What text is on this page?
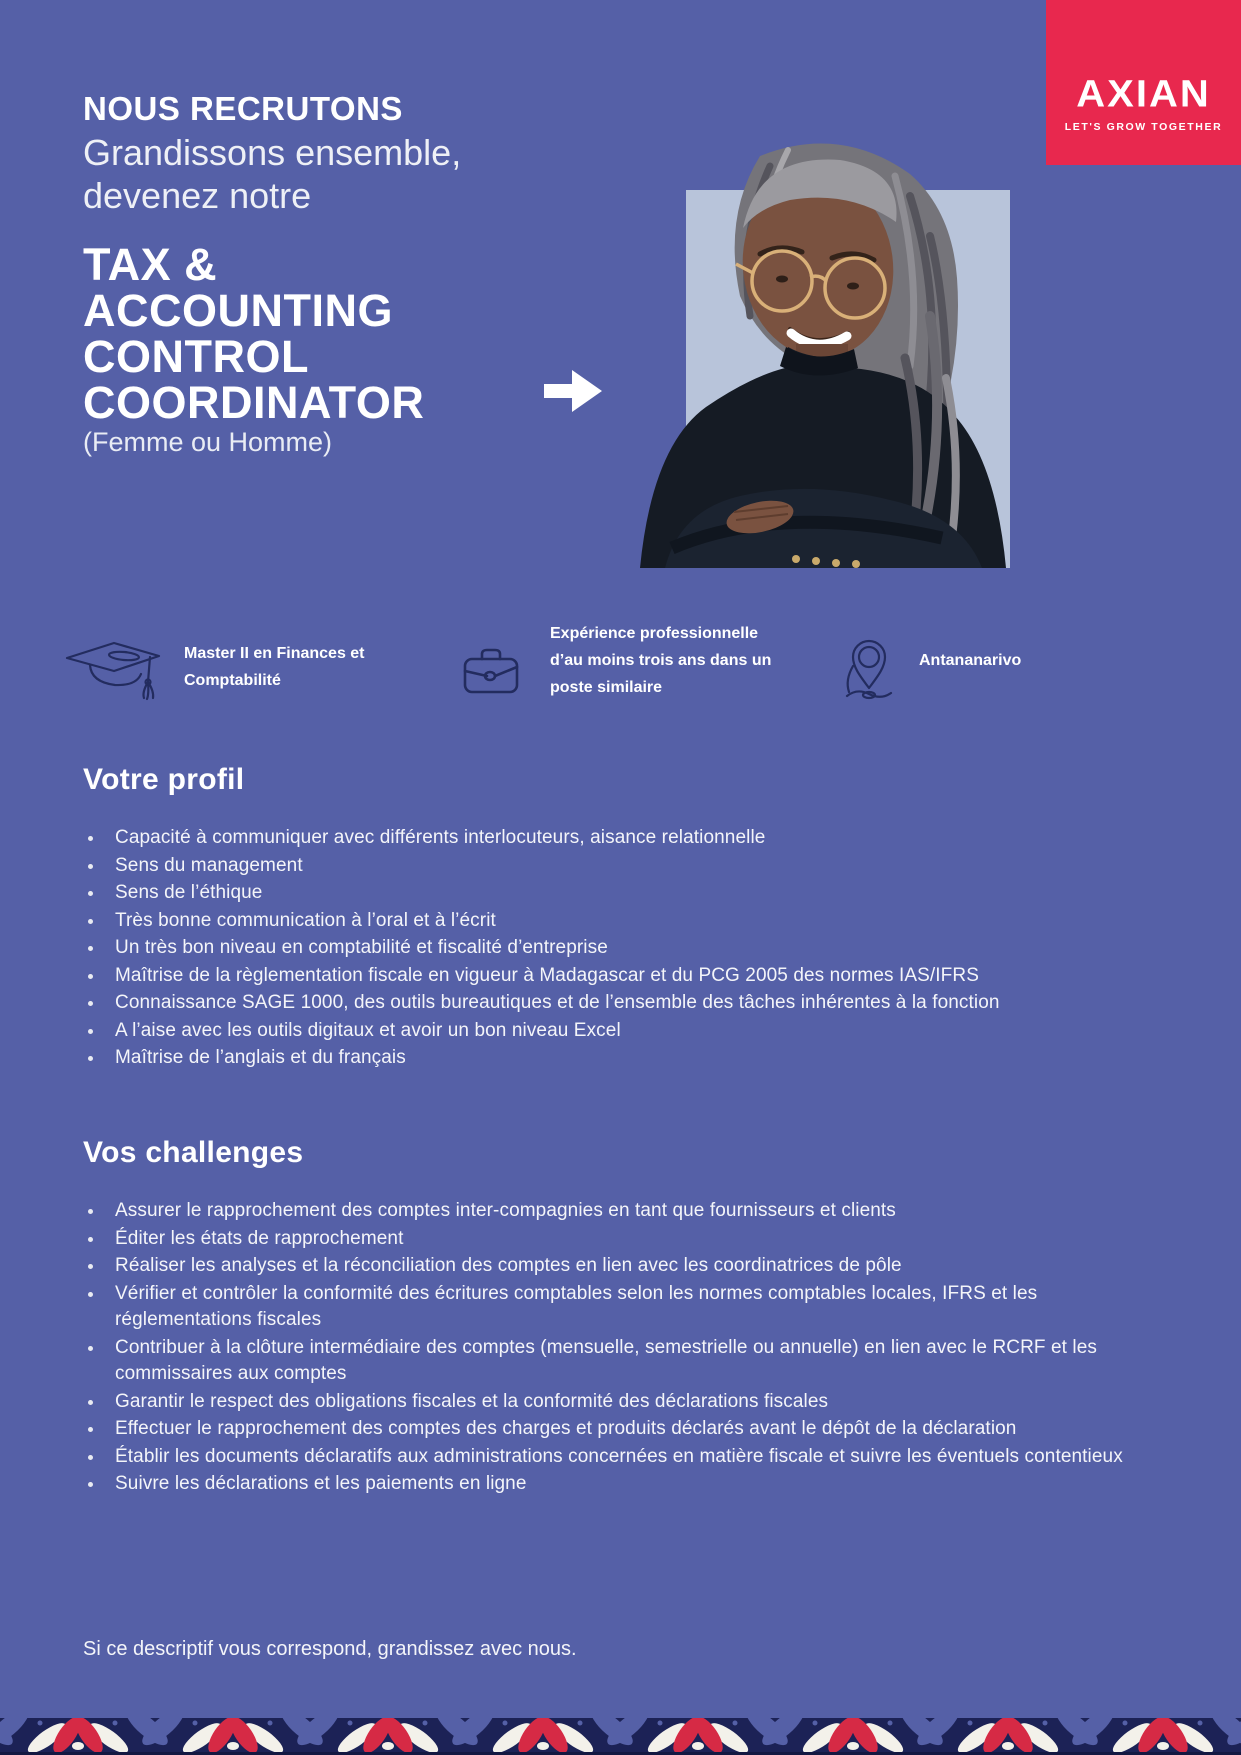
AXIAN
LET'S GROW TOGETHER
NOUS RECRUTONS
Grandissons ensemble,
devenez notre
TAX &
ACCOUNTING
CONTROL
COORDINATOR
(Femme ou Homme)
Master II en Finances et Comptabilité
Expérience professionnelle d’au moins trois ans dans un poste similaire
Antananarivo
Votre profil
Capacité à communiquer avec différents interlocuteurs, aisance relationnelle
Sens du management
Sens de l’éthique
Très bonne communication à l’oral et à l’écrit
Un très bon niveau en comptabilité et fiscalité d’entreprise
Maîtrise de la règlementation fiscale en vigueur à Madagascar et du PCG 2005 des normes IAS/IFRS
Connaissance SAGE 1000, des outils bureautiques et de l’ensemble des tâches inhérentes à la fonction
A l’aise avec les outils digitaux et avoir un bon niveau Excel
Maîtrise de l’anglais et du français
Vos challenges
Assurer le rapprochement des comptes inter-compagnies en tant que fournisseurs et clients
Éditer les états de rapprochement
Réaliser les analyses et la réconciliation des comptes en lien avec les coordinatrices de pôle
Vérifier et contrôler la conformité des écritures comptables selon les normes comptables locales, IFRS et les réglementations fiscales
Contribuer à la clôture intermédiaire des comptes (mensuelle, semestrielle ou annuelle) en lien avec le RCRF et les commissaires aux comptes
Garantir le respect des obligations fiscales et la conformité des déclarations fiscales
Effectuer le rapprochement des comptes des charges et produits déclarés avant le dépôt de la déclaration
Établir les documents déclaratifs aux administrations concernées en matière fiscale et suivre les éventuels contentieux
Suivre les déclarations et les paiements en ligne
Si ce descriptif vous correspond, grandissez avec nous.
